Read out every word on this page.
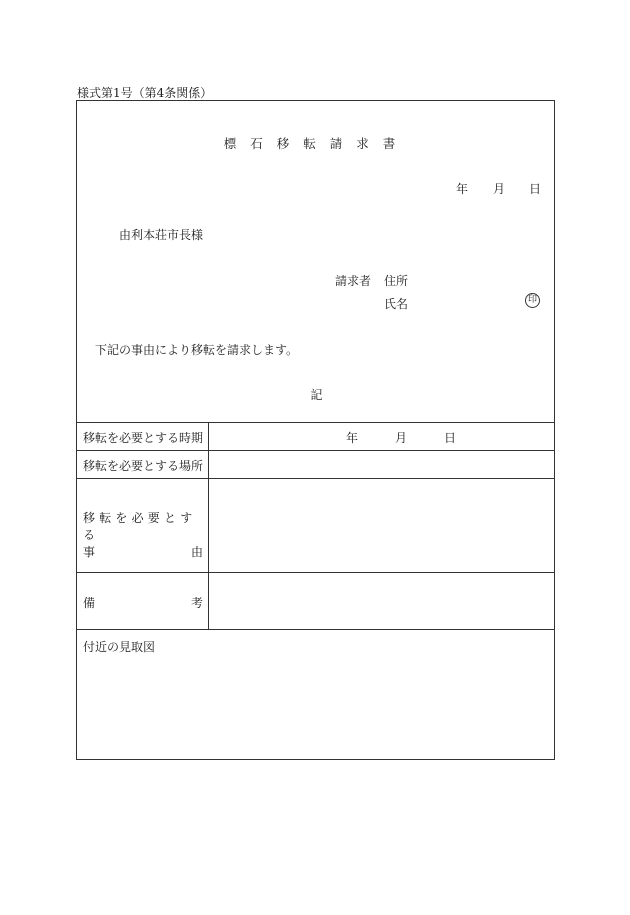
様式第1号（第4条関係）
標石移転請求書
年 月 日
由利本荘市長様
請求者 住所
氏名	印
下記の事由により移転を請求します。
記
移転を必要とする時期	年	月	日
移転を必要とする場所
移転を必要とする
事	由
備	考
付近の見取図
